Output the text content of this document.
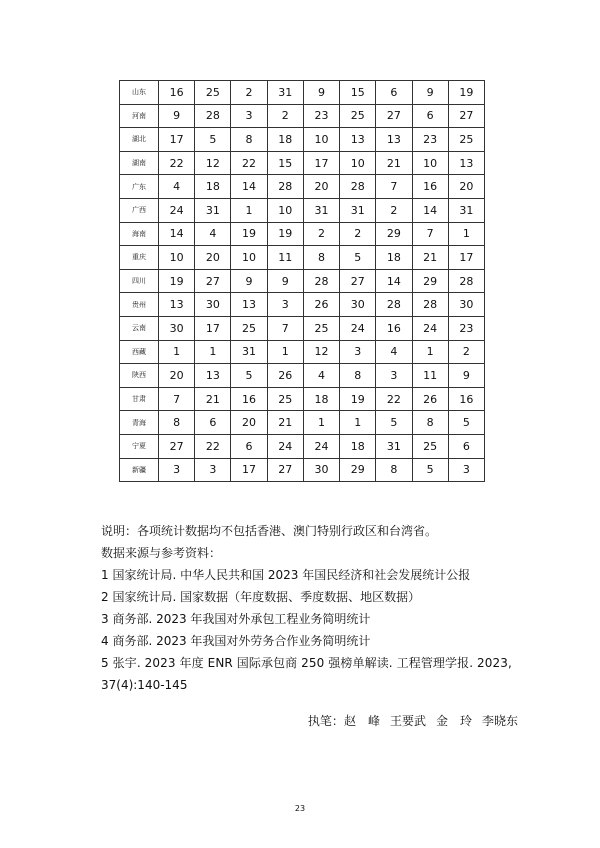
山东	16	25	2	31	9	15	6	9	19
河南	9	28	3	2	23	25	27	6	27
湖北	17	5	8	18	10	13	13	23	25
湖南	22	12	22	15	17	10	21	10	13
广东	4	18	14	28	20	28	7	16	20
广西	24	31	1	10	31	31	2	14	31
海南	14	4	19	19	2	2	29	7	1
重庆	10	20	10	11	8	5	18	21	17
四川	19	27	9	9	28	27	14	29	28
贵州	13	30	13	3	26	30	28	28	30
云南	30	17	25	7	25	24	16	24	23
西藏	1	1	31	1	12	3	4	1	2
陕西	20	13	5	26	4	8	3	11	9
甘肃	7	21	16	25	18	19	22	26	16
青海	8	6	20	21	1	1	5	8	5
宁夏	27	22	6	24	24	18	31	25	6
新疆	3	3	17	27	30	29	8	5	3
说明：各项统计数据均不包括香港、澳门特别行政区和台湾省。
数据来源与参考资料：
1 国家统计局. 中华人民共和国 2023 年国民经济和社会发展统计公报
2 国家统计局. 国家数据（年度数据、季度数据、地区数据）
3 商务部. 2023 年我国对外承包工程业务简明统计
4 商务部. 2023 年我国对外劳务合作业务简明统计
5 张宇. 2023 年度 ENR 国际承包商 250 强榜单解读. 工程管理学报. 2023,
37(4):140-145
执笔：赵　峰 王要武 金　玲 李晓东
23
